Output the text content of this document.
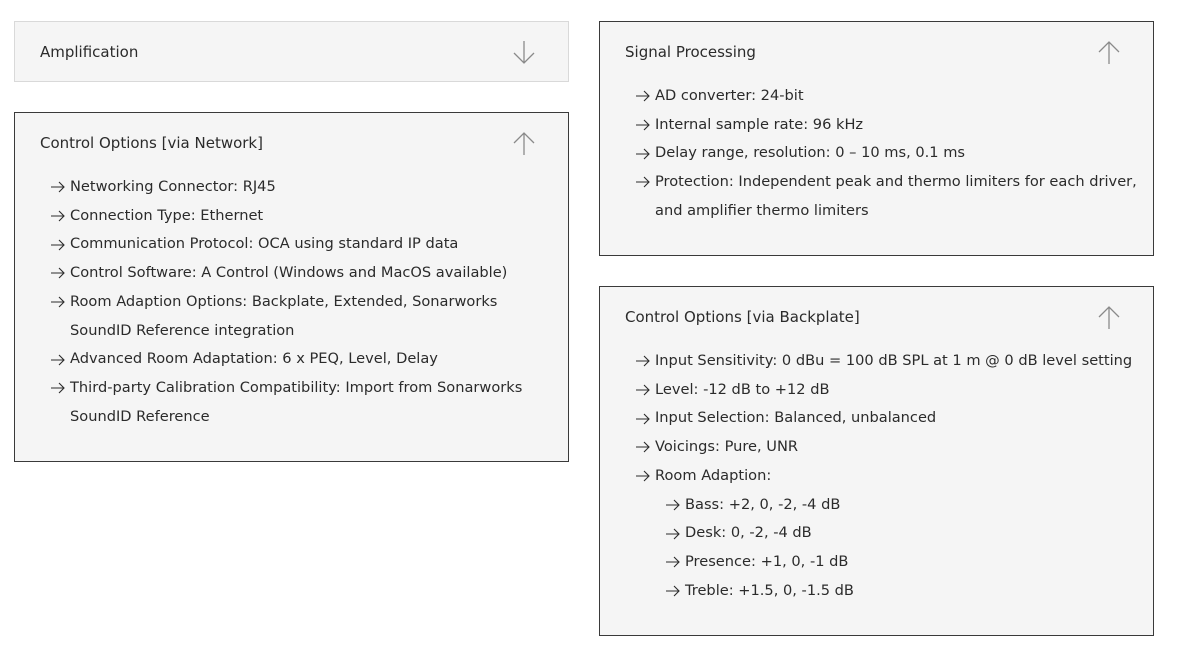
Amplification
Control Options [via Network]
Networking Connector: RJ45
Connection Type: Ethernet
Communication Protocol: OCA using standard IP data
Control Software: A Control (Windows and MacOS available)
Room Adaption Options: Backplate, Extended, Sonarworks SoundID Reference integration
Advanced Room Adaptation: 6 x PEQ, Level, Delay
Third-party Calibration Compatibility: Import from Sonarworks SoundID Reference
Signal Processing
AD converter: 24-bit
Internal sample rate: 96 kHz
Delay range, resolution: 0 – 10 ms, 0.1 ms
Protection: Independent peak and thermo limiters for each driver, and amplifier thermo limiters
Control Options [via Backplate]
Input Sensitivity: 0 dBu = 100 dB SPL at 1 m @ 0 dB level setting
Level: -12 dB to +12 dB
Input Selection: Balanced, unbalanced
Voicings: Pure, UNR
Room Adaption:
Bass: +2, 0, -2, -4 dB
Desk: 0, -2, -4 dB
Presence: +1, 0, -1 dB
Treble: +1.5, 0, -1.5 dB
